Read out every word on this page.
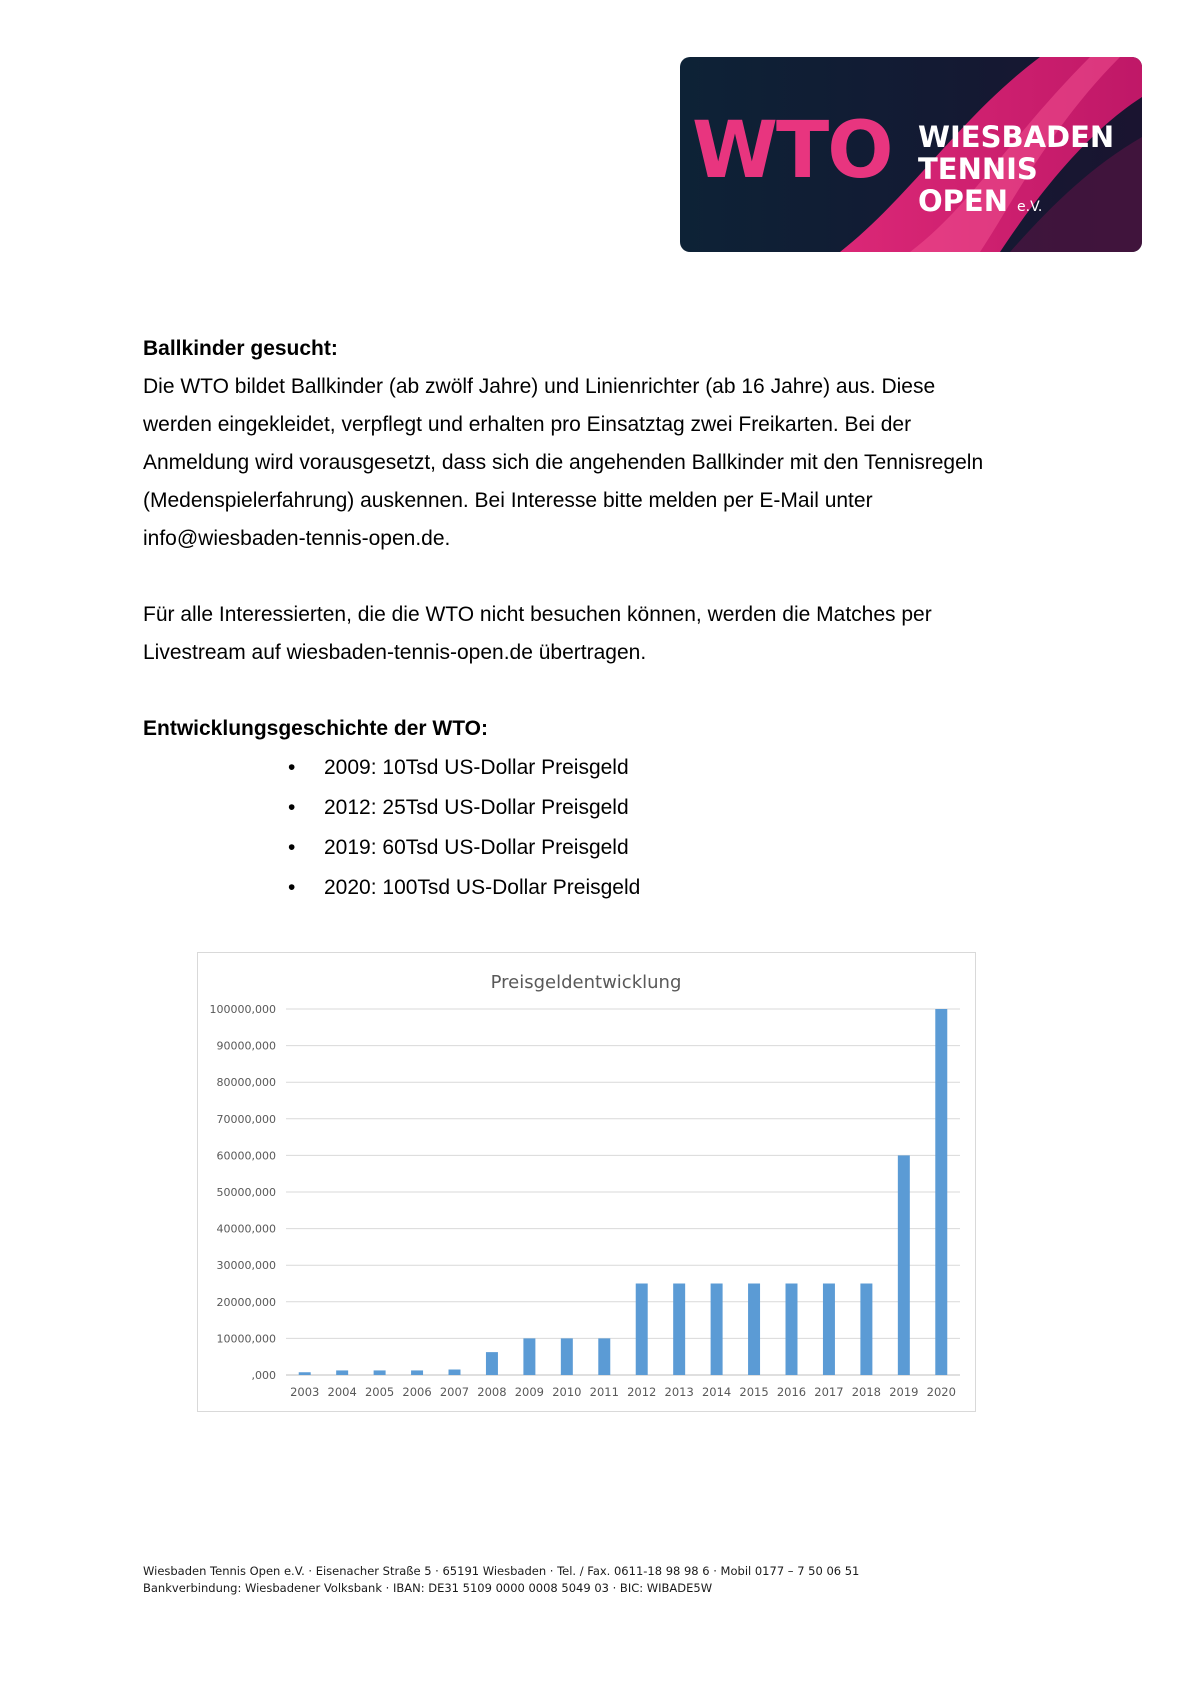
WTO WIESBADEN
TENNIS
OPEN e.V.

Ballkinder gesucht:

Die WTO bildet Ballkinder (ab zwölf Jahre) und Linienrichter (ab 16 Jahre) aus. Diese

werden eingekleidet, verpflegt und erhalten pro Einsatztag zwei Freikarten. Bei der

Anmeldung wird vorausgesetzt, dass sich die angehenden Ballkinder mit den Tennisregeln

(Medenspielerfahrung) auskennen. Bei Interesse bitte melden per E-Mail unter

info@wiesbaden-tennis-open.de.

Für alle Interessierten, die die WTO nicht besuchen können, werden die Matches per

Livestream auf wiesbaden-tennis-open.de übertragen.

Entwicklungsgeschichte der WTO:

• 2009: 10Tsd US-Dollar Preisgeld
• 2012: 25Tsd US-Dollar Preisgeld
• 2019: 60Tsd US-Dollar Preisgeld
• 2020: 100Tsd US-Dollar Preisgeld
Preisgeldentwicklung
,000
10000,000
20000,000
30000,000
40000,000
50000,000
60000,000
70000,000
80000,000
90000,000
100000,000
2003 2004 2005 2006 2007 2008 2009 2010 2011 2012 2013 2014 2015 2016 2017 2018 2019 2020
Wiesbaden Tennis Open e.V. · Eisenacher Straße 5 · 65191 Wiesbaden · Tel. / Fax. 0611-18 98 98 6 · Mobil 0177 – 7 50 06 51
Bankverbindung: Wiesbadener Volksbank · IBAN: DE31 5109 0000 0008 5049 03 · BIC: WIBADE5W
